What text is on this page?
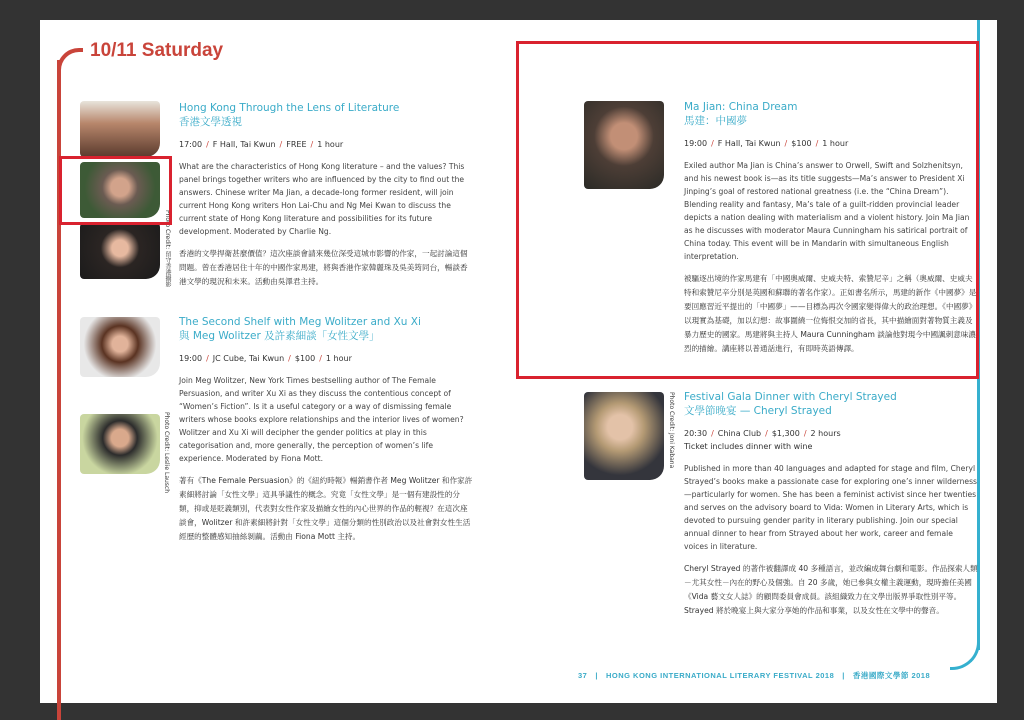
10/11 Saturday
Photo Credit: 留守香港攝影
Photo Credit: Leslie Lausch	Photo Credit: Joni Kabana
Hong Kong Through the Lens of Literature
香港文學透視
17:00 / F Hall, Tai Kwun / FREE / 1 hour

What are the characteristics of Hong Kong literature – and the values? This panel brings together writers who are influenced by the city to find out the answers. Chinese writer Ma Jian, a decade-long former resident, will join current Hong Kong writers Hon Lai-Chu and Ng Mei Kwan to discuss the current state of Hong Kong literature and possibilities for its future development. Moderated by Charlie Ng.

香港的文學捍衛甚麼價值？這次座談會請來幾位深受這城市影響的作家，一起討論這個問題。曾在香港居住十年的中國作家馬建，將與香港作家韓麗珠及吳美筠同台，暢談香港文學的現況和未來。活動由吳澤君主持。

The Second Shelf with Meg Wolitzer and Xu Xi
與 Meg Wolitzer 及許素細談「女性文學」
19:00 / JC Cube, Tai Kwun / $100 / 1 hour

Join Meg Wolitzer, New York Times bestselling author of The Female Persuasion, and writer Xu Xi as they discuss the contentious concept of “Women’s Fiction”. Is it a useful category or a way of dismissing female writers whose books explore relationships and the interior lives of women? Wolitzer and Xu Xi will decipher the gender politics at play in this categorisation and, more generally, the perception of women’s life experience. Moderated by Fiona Mott.

著有《The Female Persuasion》的《紐約時報》暢銷書作者 Meg Wolitzer 和作家許素細將討論「女性文學」這具爭議性的概念。究竟「女性文學」是一個有建設性的分類，抑或是貶義類別，代表對女性作家及描繪女性的內心世界的作品的輕視？在這次座談會，Wolitzer 和許素細將針對「女性文學」這個分類的性別政治以及社會對女性生活經歷的整體感知抽絲剝繭。活動由 Fiona Mott 主持。

Ma Jian: China Dream
馬建：中國夢
19:00 / F Hall, Tai Kwun / $100 / 1 hour

Exiled author Ma Jian is China’s answer to Orwell, Swift and Solzhenitsyn, and his newest book is—as its title suggests—Ma’s answer to President Xi Jinping’s goal of restored national greatness (i.e. the “China Dream”). Blending reality and fantasy, Ma’s tale of a guilt-ridden provincial leader depicts a nation dealing with materialism and a violent history. Join Ma Jian as he discusses with moderator Maura Cunningham his satirical portrait of China today. This event will be in Mandarin with simultaneous English interpretation.

被驅逐出境的作家馬建有「中國奧威爾、史威夫特、索贊尼辛」之稱（奧威爾、史威夫特和索贊尼辛分別是英國和蘇聯的著名作家）。正如書名所示，馬建的新作《中國夢》是要回應習近平提出的「中國夢」——目標為再次令國家變得偉大的政治理想。《中國夢》以現實為基礎，加以幻想：故事圍繞一位悔恨交加的省長，其中描繪面對著物質主義及暴力歷史的國家。馬建將與主持人 Maura Cunningham 談論他對現今中國諷刺意味濃烈的描繪。講座將以普通話進行，有即時英語傳譯。

Festival Gala Dinner with Cheryl Strayed
文學節晚宴 — Cheryl Strayed
20:30 / China Club / $1,300 / 2 hours
Ticket includes dinner with wine

Published in more than 40 languages and adapted for stage and film, Cheryl Strayed’s books make a passionate case for exploring one’s inner wilderness—particularly for women. She has been a feminist activist since her twenties and serves on the advisory board to Vida: Women in Literary Arts, which is devoted to pursuing gender parity in literary publishing. Join our special annual dinner to hear from Strayed about her work, career and female voices in literature.

Cheryl Strayed 的著作被翻譯成 40 多種語言，並改編成舞台劇和電影。作品探索人類－尤其女性－內在的野心及個強。自 20 多歲，她已參與女權主義運動，現時擔任美國《Vida 藝文女人誌》的顧問委員會成員。該組織致力在文學出版界爭取性別平等。Strayed 將於晚宴上與大家分享她的作品和事業，以及女性在文學中的聲音。

37 | HONG KONG INTERNATIONAL LITERARY FESTIVAL 2018 | 香港國際文學節 2018
